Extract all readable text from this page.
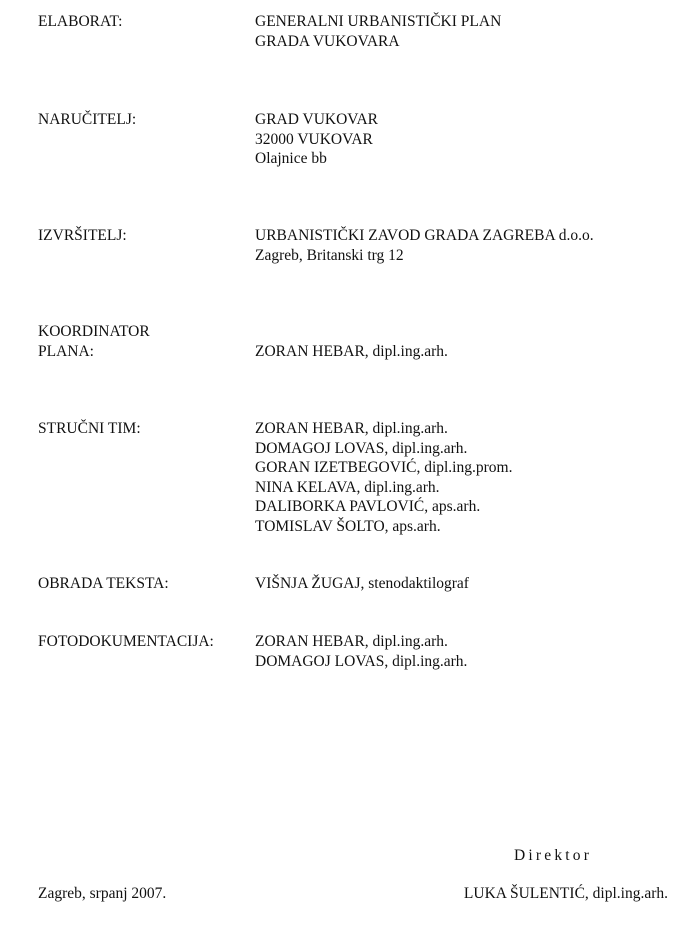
ELABORAT:	GENERALNI URBANISTIČKI PLAN
GRADA VUKOVARA
NARUČITELJ:	GRAD VUKOVAR
32000 VUKOVAR
Olajnice bb
IZVRŠITELJ:	URBANISTIČKI ZAVOD GRADA ZAGREBA d.o.o.
Zagreb, Britanski trg 12
KOORDINATOR
PLANA:	ZORAN HEBAR, dipl.ing.arh.
STRUČNI TIM:	ZORAN HEBAR, dipl.ing.arh.
DOMAGOJ LOVAS, dipl.ing.arh.
GORAN IZETBEGOVIĆ, dipl.ing.prom.
NINA KELAVA, dipl.ing.arh.
DALIBORKA PAVLOVIĆ, aps.arh.
TOMISLAV ŠOLTO, aps.arh.
OBRADA TEKSTA:	VIŠNJA ŽUGAJ, stenodaktilograf
FOTODOKUMENTACIJA:	ZORAN HEBAR, dipl.ing.arh.
DOMAGOJ LOVAS, dipl.ing.arh.
Direktor
Zagreb, srpanj 2007.	LUKA ŠULENTIĆ, dipl.ing.arh.
